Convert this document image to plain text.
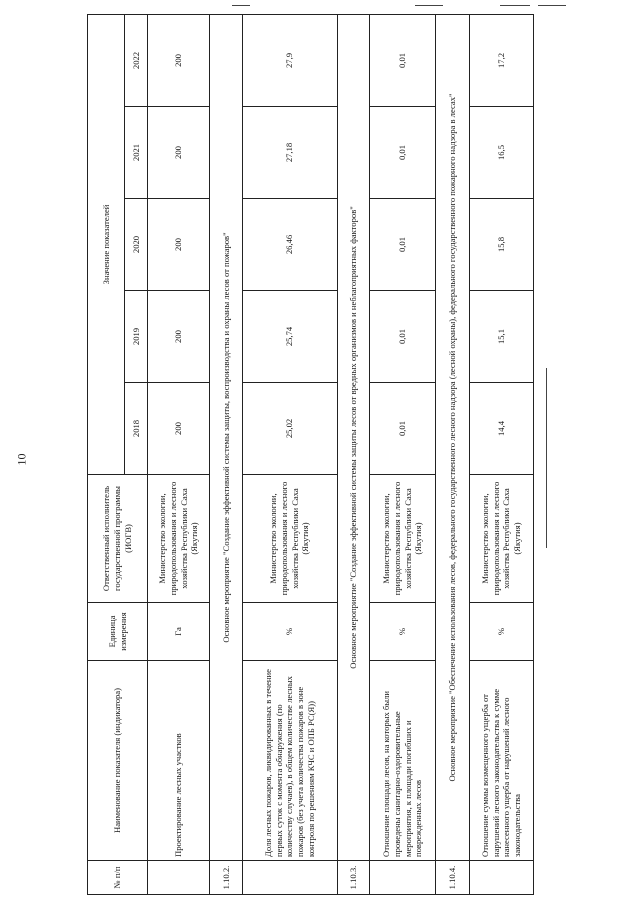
10
№ п/п	Наименование показателя (индикатора)	Единица измерения	Ответственный исполнитель государственной программы (ИОГВ)	Значение показателей				
				2018	2019	2020	2021	2022
	Проектирование лесных участков	Га	Министерство экологии, природопользования и лесного хозяйства Республики Саха (Якутия)	200	200	200	200	200
1.10.2.	Основное мероприятие "Создание эффективной системы защиты, воспроизводства и охраны лесов от пожаров"							
	Доля лесных пожаров, ликвидированных в течение первых суток с момента обнаружения (по количеству случаев), в общем количестве лесных пожаров (без учета количества пожаров в зоне контроля по решениям КЧС и ОПБ РС(Я))	%	Министерство экологии, природопользования и лесного хозяйства Республики Саха (Якутия)	25,02	25,74	26,46	27,18	27,9
1.10.3.	Основное мероприятие "Создание эффективной системы защиты лесов от вредных организмов и неблагоприятных факторов"							
	Отношение площади лесов, на которых были проведены санитарно-оздоровительные мероприятия, к площади погибших и поврежденных лесов	%	Министерство экологии, природопользования и лесного хозяйства Республики Саха (Якутия)	0,01	0,01	0,01	0,01	0,01
1.10.4.	Основное мероприятие "Обеспечение использования лесов, федерального государственного лесного надзора (лесной охраны), федерального государственного пожарного надзора в лесах"							
	Отношение суммы возмещенного ущерба от нарушений лесного законодательства к сумме нанесенного ущерба от нарушений лесного законодательства	%	Министерство экологии, природопользования и лесного хозяйства Республики Саха (Якутия)	14,4	15,1	15,8	16,5	17,2
